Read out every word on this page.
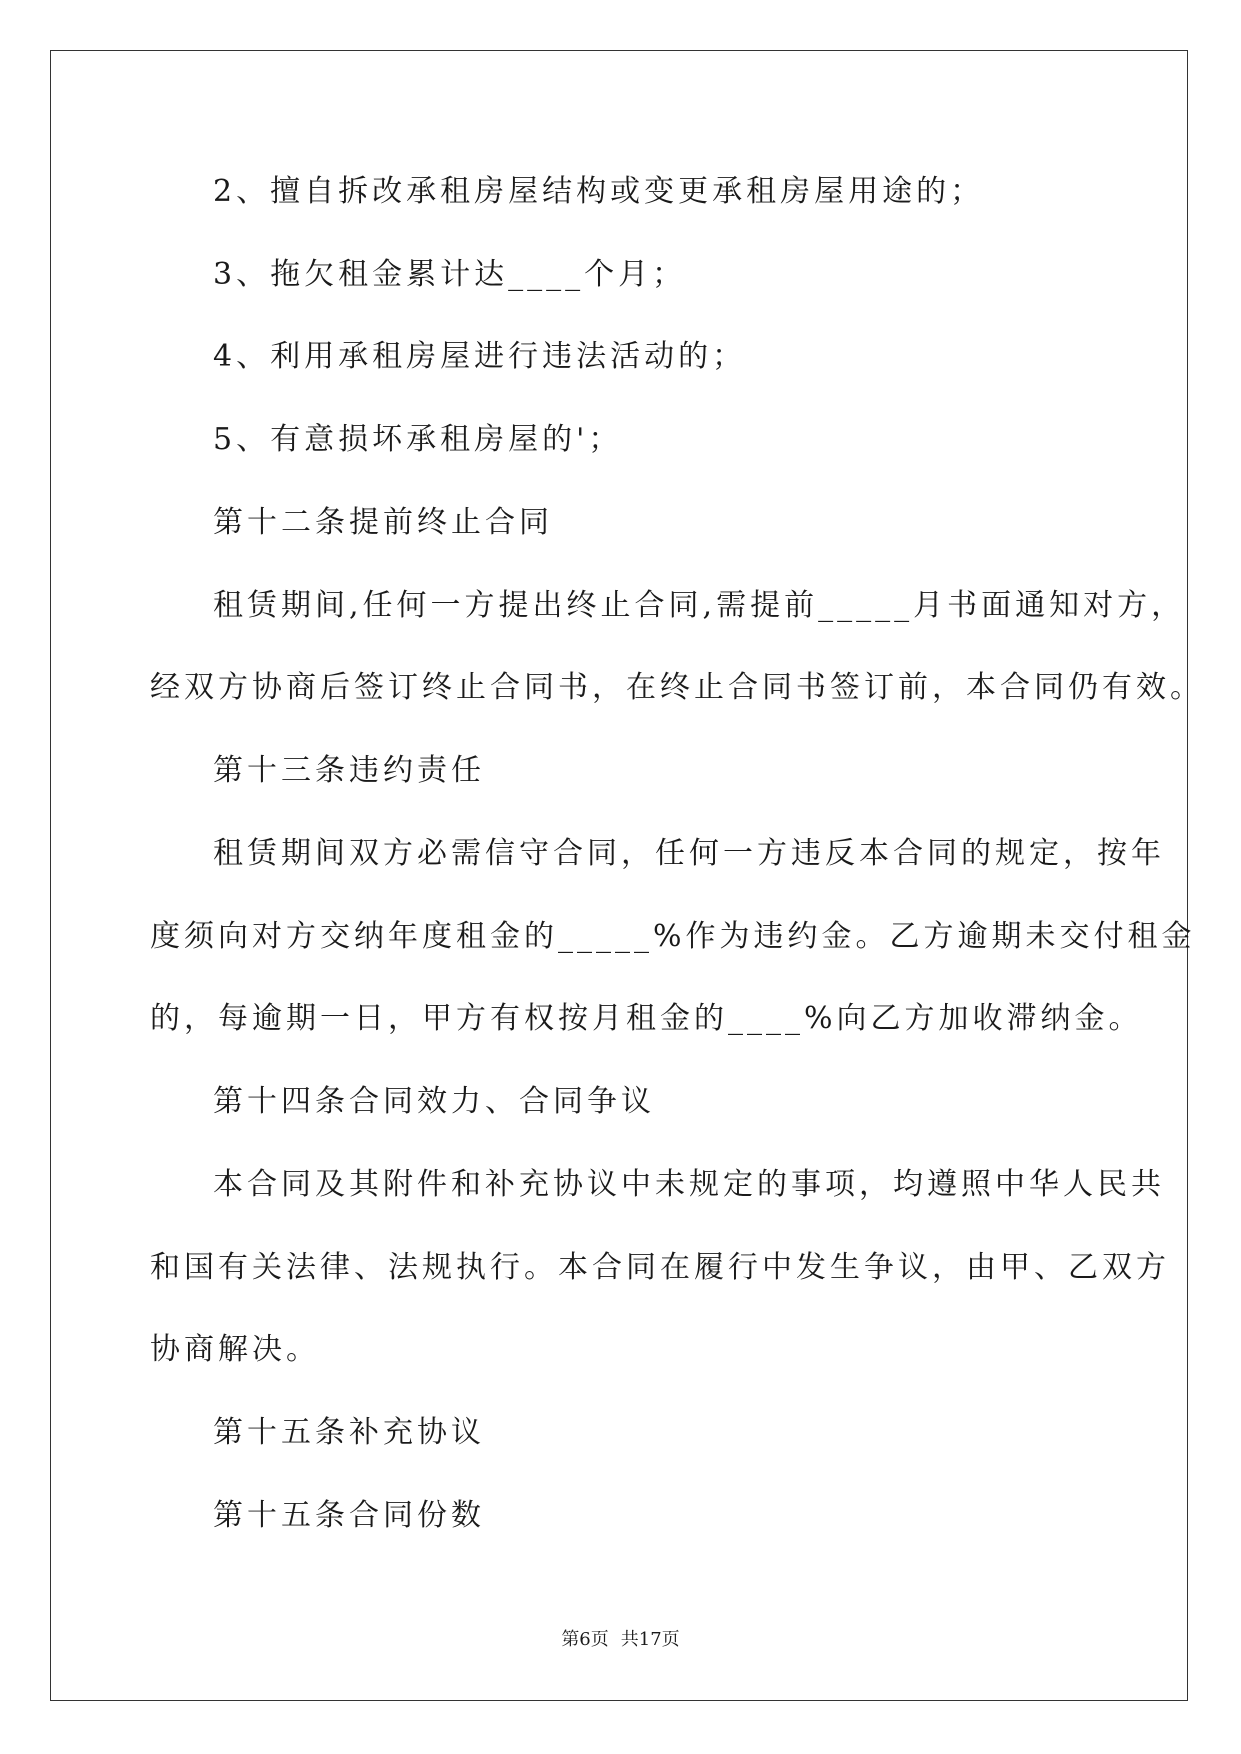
2、擅自拆改承租房屋结构或变更承租房屋用途的；
3、拖欠租金累计达____个月；
4、利用承租房屋进行违法活动的；
5、有意损坏承租房屋的'；
第十二条提前终止合同
租赁期间,任何一方提出终止合同,需提前_____月书面通知对方，
经双方协商后签订终止合同书，在终止合同书签订前，本合同仍有效。
第十三条违约责任
租赁期间双方必需信守合同，任何一方违反本合同的规定，按年
度须向对方交纳年度租金的_____%作为违约金。乙方逾期未交付租金
的，每逾期一日，甲方有权按月租金的____%向乙方加收滞纳金。
第十四条合同效力、合同争议
本合同及其附件和补充协议中未规定的事项，均遵照中华人民共
和国有关法律、法规执行。本合同在履行中发生争议，由甲、乙双方
协商解决。
第十五条补充协议
第十五条合同份数
第6页 共17页
